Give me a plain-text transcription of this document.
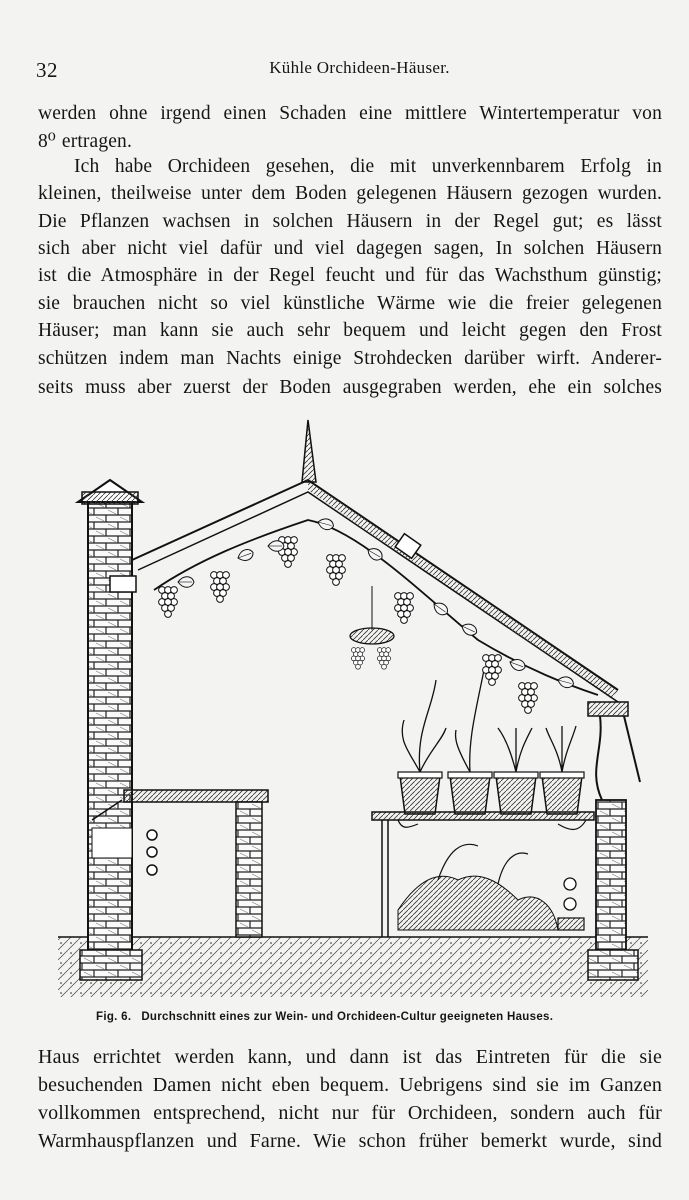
32	Kühle Orchideen-Häuser.
werden ohne irgend einen Schaden eine mittlere Wintertemperatur von
8⁰ ertragen.
Ich habe Orchideen gesehen, die mit unverkennbarem Erfolg in
kleinen, theilweise unter dem Boden gelegenen Häusern gezogen wurden.
Die Pflanzen wachsen in solchen Häusern in der Regel gut; es lässt
sich aber nicht viel dafür und viel dagegen sagen, In solchen Häusern
ist die Atmosphäre in der Regel feucht und für das Wachsthum günstig;
sie brauchen nicht so viel künstliche Wärme wie die freier gelegenen
Häuser; man kann sie auch sehr bequem und leicht gegen den Frost
schützen indem man Nachts einige Strohdecken darüber wirft. Anderer-
seits muss aber zuerst der Boden ausgegraben werden, ehe ein solches
Fig. 6. Durchschnitt eines zur Wein- und Orchideen-Cultur geeigneten Hauses.
Haus errichtet werden kann, und dann ist das Eintreten für die sie
besuchenden Damen nicht eben bequem. Uebrigens sind sie im Ganzen
vollkommen entsprechend, nicht nur für Orchideen, sondern auch für
Warmhauspflanzen und Farne. Wie schon früher bemerkt wurde, sind
